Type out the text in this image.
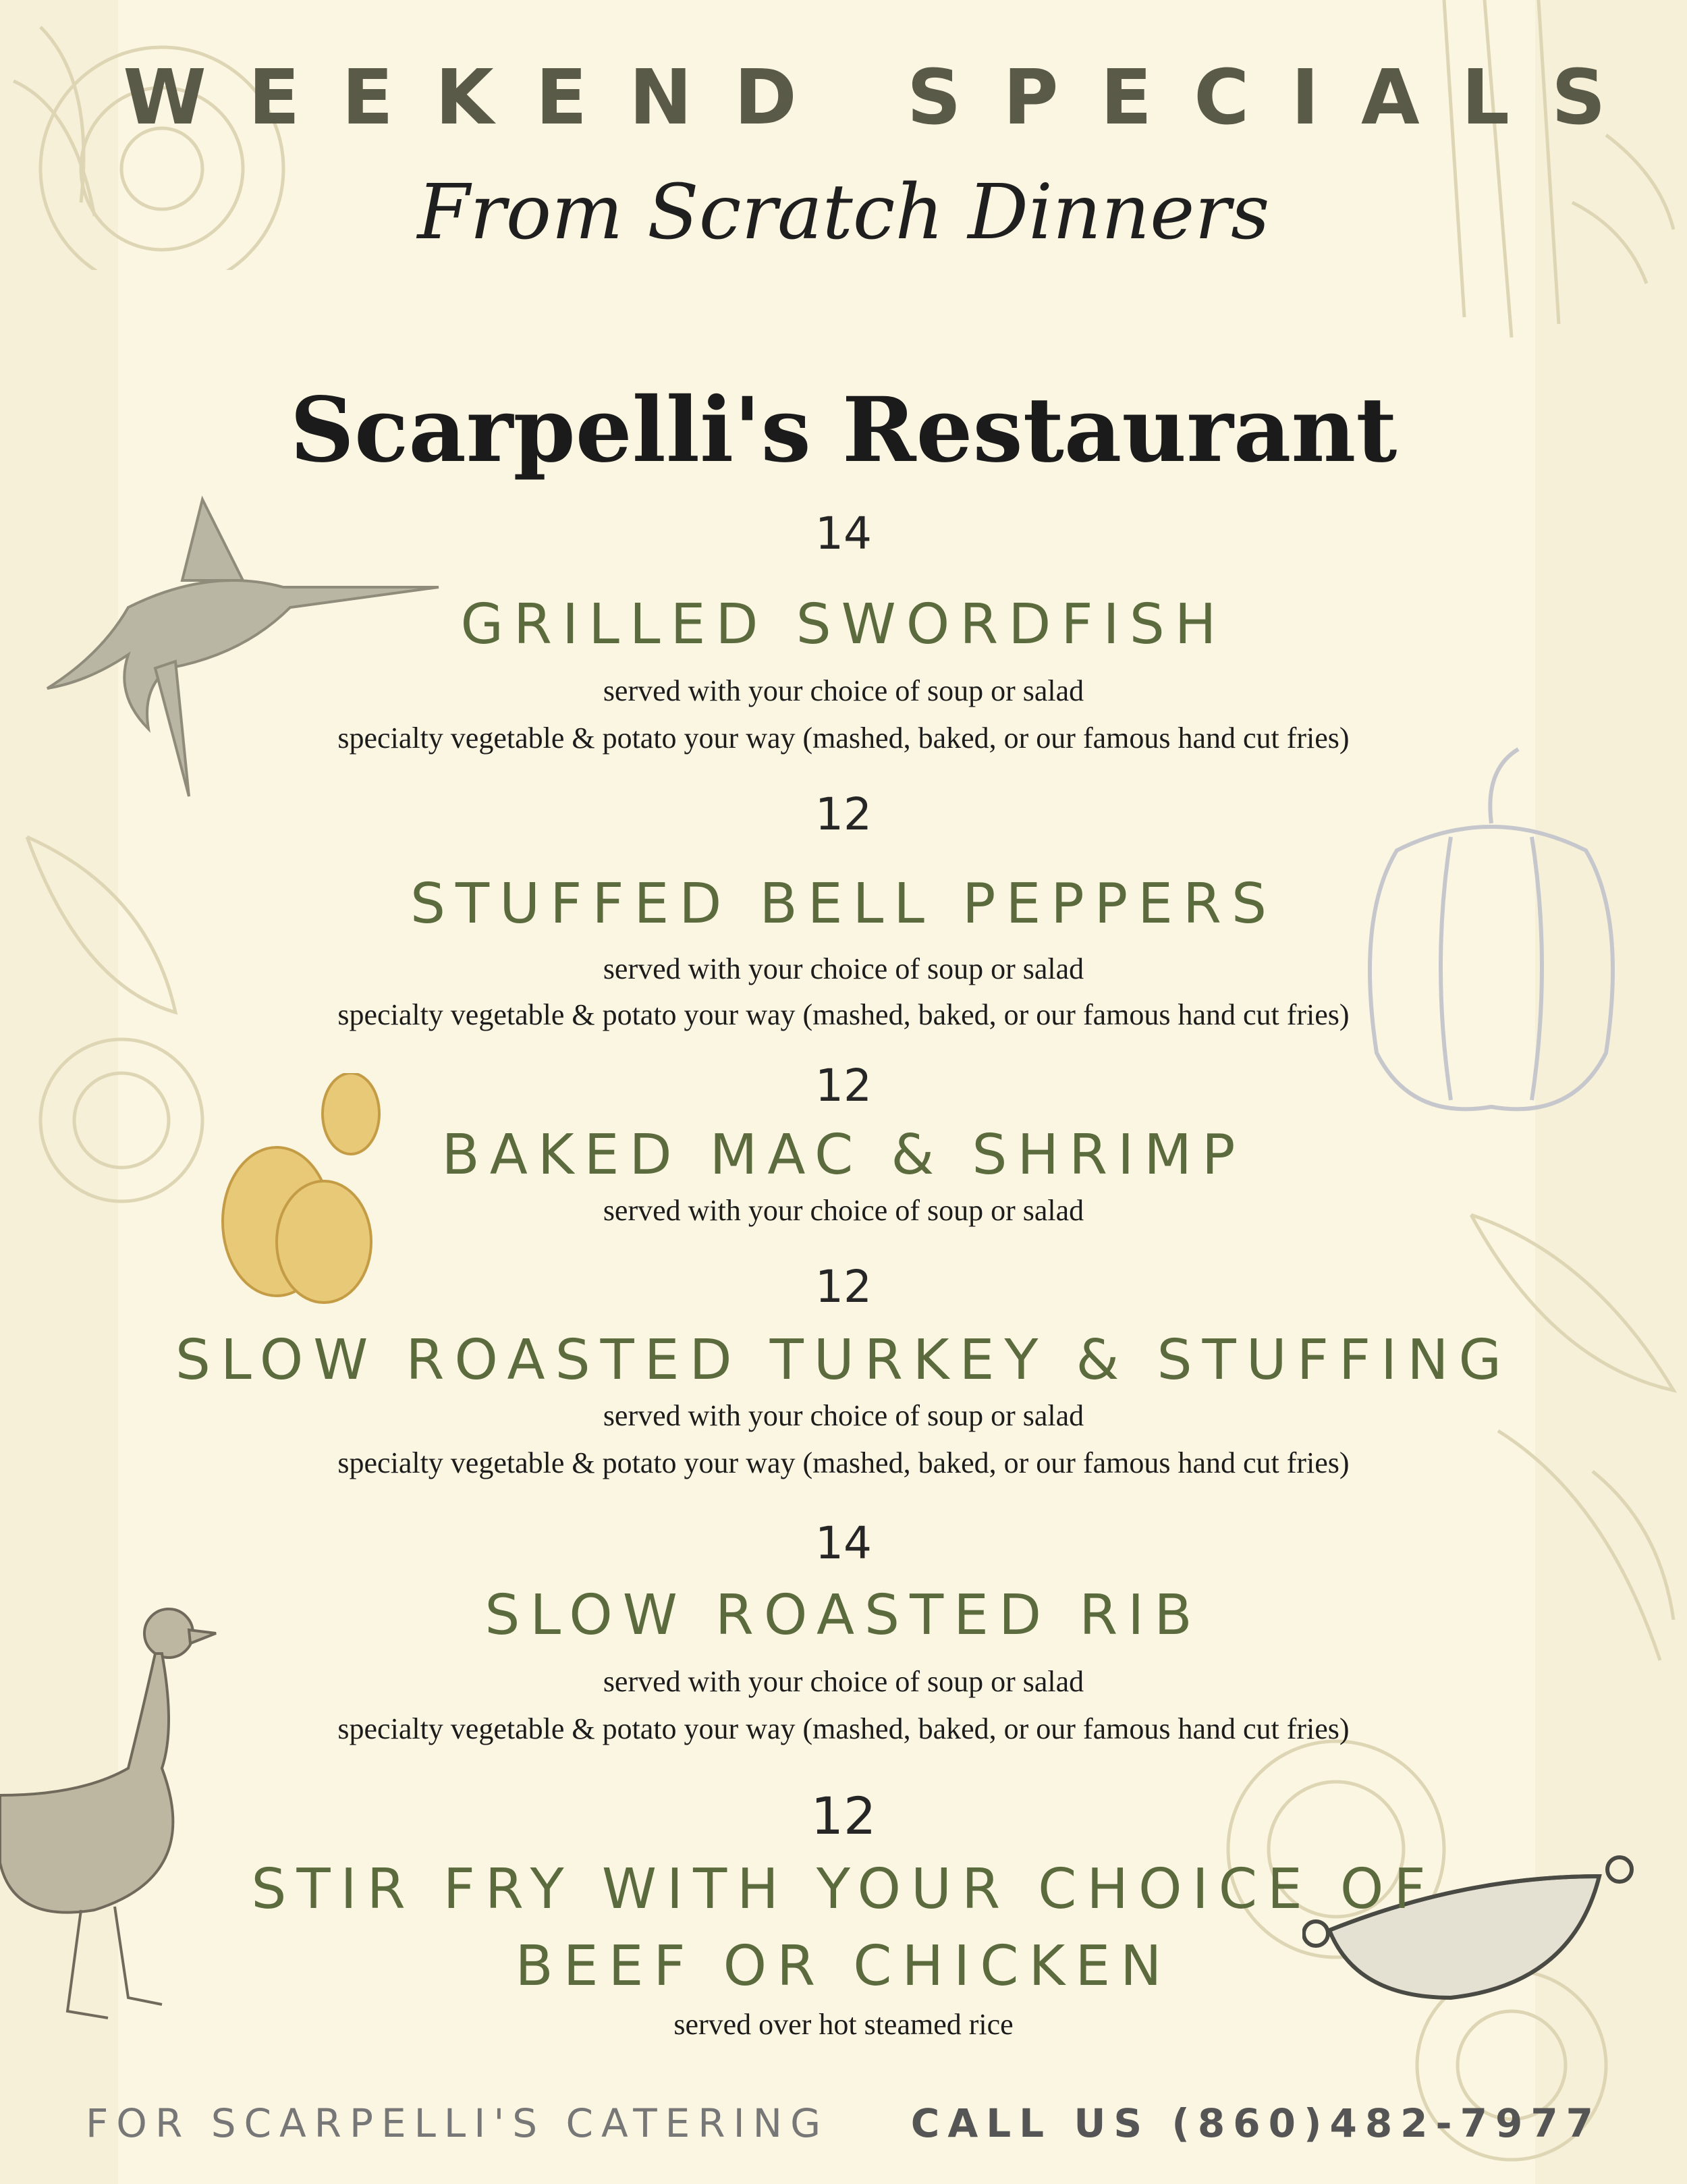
WEEKEND SPECIALS
From Scratch Dinners
Scarpelli's Restaurant
14
GRILLED SWORDFISH
served with your choice of soup or salad
specialty vegetable & potato your way (mashed, baked, or our famous hand cut fries)
12
STUFFED BELL PEPPERS
served with your choice of soup or salad
specialty vegetable & potato your way (mashed, baked, or our famous hand cut fries)
12
BAKED MAC & SHRIMP
served with your choice of soup or salad
12
SLOW ROASTED TURKEY & STUFFING
served with your choice of soup or salad
specialty vegetable & potato your way (mashed, baked, or our famous hand cut fries)
14
SLOW ROASTED RIB
served with your choice of soup or salad
specialty vegetable & potato your way (mashed, baked, or our famous hand cut fries)
12
STIR FRY WITH YOUR CHOICE OF
BEEF OR CHICKEN
served over hot steamed rice
FOR SCARPELLI'S CATERING CALL US (860)482-7977
